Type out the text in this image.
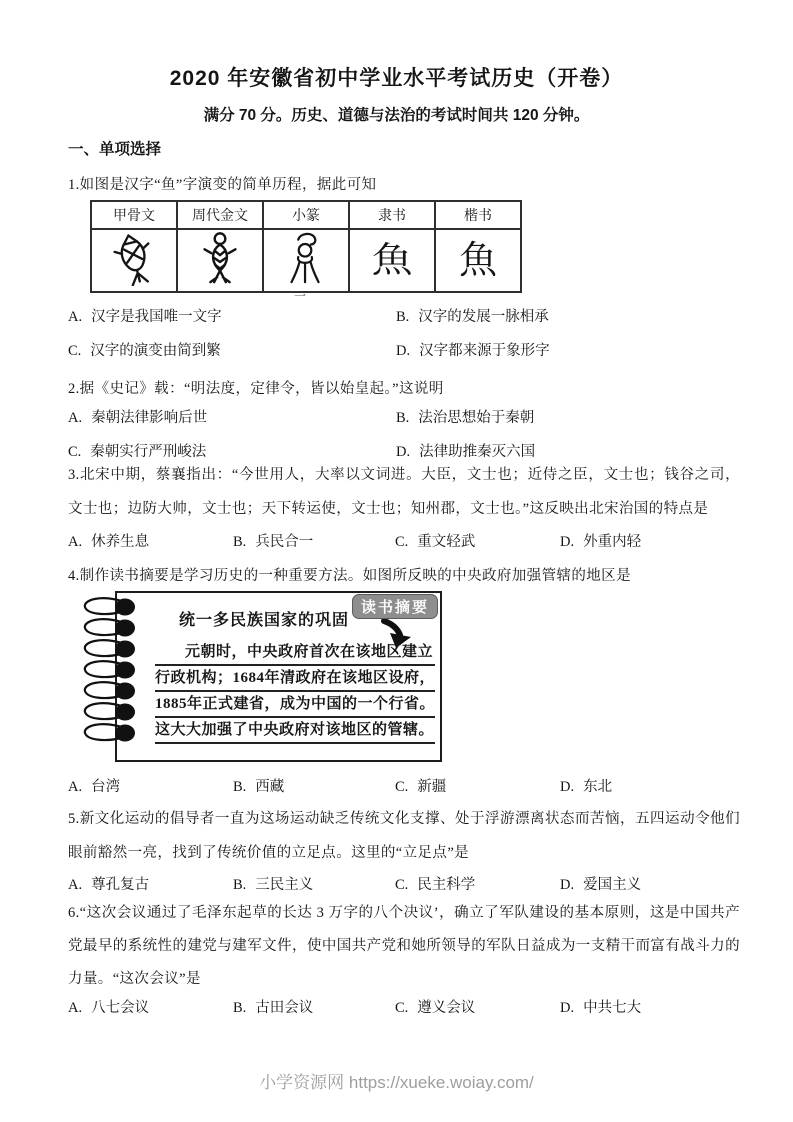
2020 年安徽省初中学业水平考试历史（开卷）
满分 70 分。历史、道德与法治的考试时间共 120 分钟。
一、单项选择
1.如图是汉字“鱼”字演变的简单历程，据此可知
甲骨文	周代金文	小篆	隶书	楷书
			魚	魚
一
A. 汉字是我国唯一文字	B. 汉字的发展一脉相承
C. 汉字的演变由简到繁	D. 汉字都来源于象形字
2.据《史记》载：“明法度，定律令，皆以始皇起。”这说明
A. 秦朝法律影响后世	B. 法治思想始于秦朝
C. 秦朝实行严刑峻法	D. 法律助推秦灭六国
3.北宋中期，蔡襄指出：“今世用人，大率以文词进。大臣，文士也；近侍之臣，文士也；钱谷之司，文士也；边防大帅，文士也；天下转运使，文士也；知州郡，文士也。”这反映出北宋治国的特点是
A. 休养生息	B. 兵民合一	C. 重文轻武	D. 外重内轻
4.制作读书摘要是学习历史的一种重要方法。如图所反映的中央政府加强管辖的地区是
读书摘要
统一多民族国家的巩固
元朝时，中央政府首次在该地区建立
行政机构；1684年清政府在该地区设府，
1885年正式建省，成为中国的一个行省。
这大大加强了中央政府对该地区的管辖。
A. 台湾	B. 西藏	C. 新疆	D. 东北
5.新文化运动的倡导者一直为这场运动缺乏传统文化支撑、处于浮游漂离状态而苦恼，五四运动令他们眼前豁然一亮，找到了传统价值的立足点。这里的“立足点”是
A. 尊孔复古	B. 三民主义	C. 民主科学	D. 爱国主义
6.“这次会议通过了毛泽东起草的长达 3 万字的八个决议’，确立了军队建设的基本原则，这是中国共产党最早的系统性的建党与建军文件，使中国共产党和她所领导的军队日益成为一支精干而富有战斗力的力量。“这次会议”是
A. 八七会议	B. 古田会议	C. 遵义会议	D. 中共七大
小学资源网 https://xueke.woiay.com/
